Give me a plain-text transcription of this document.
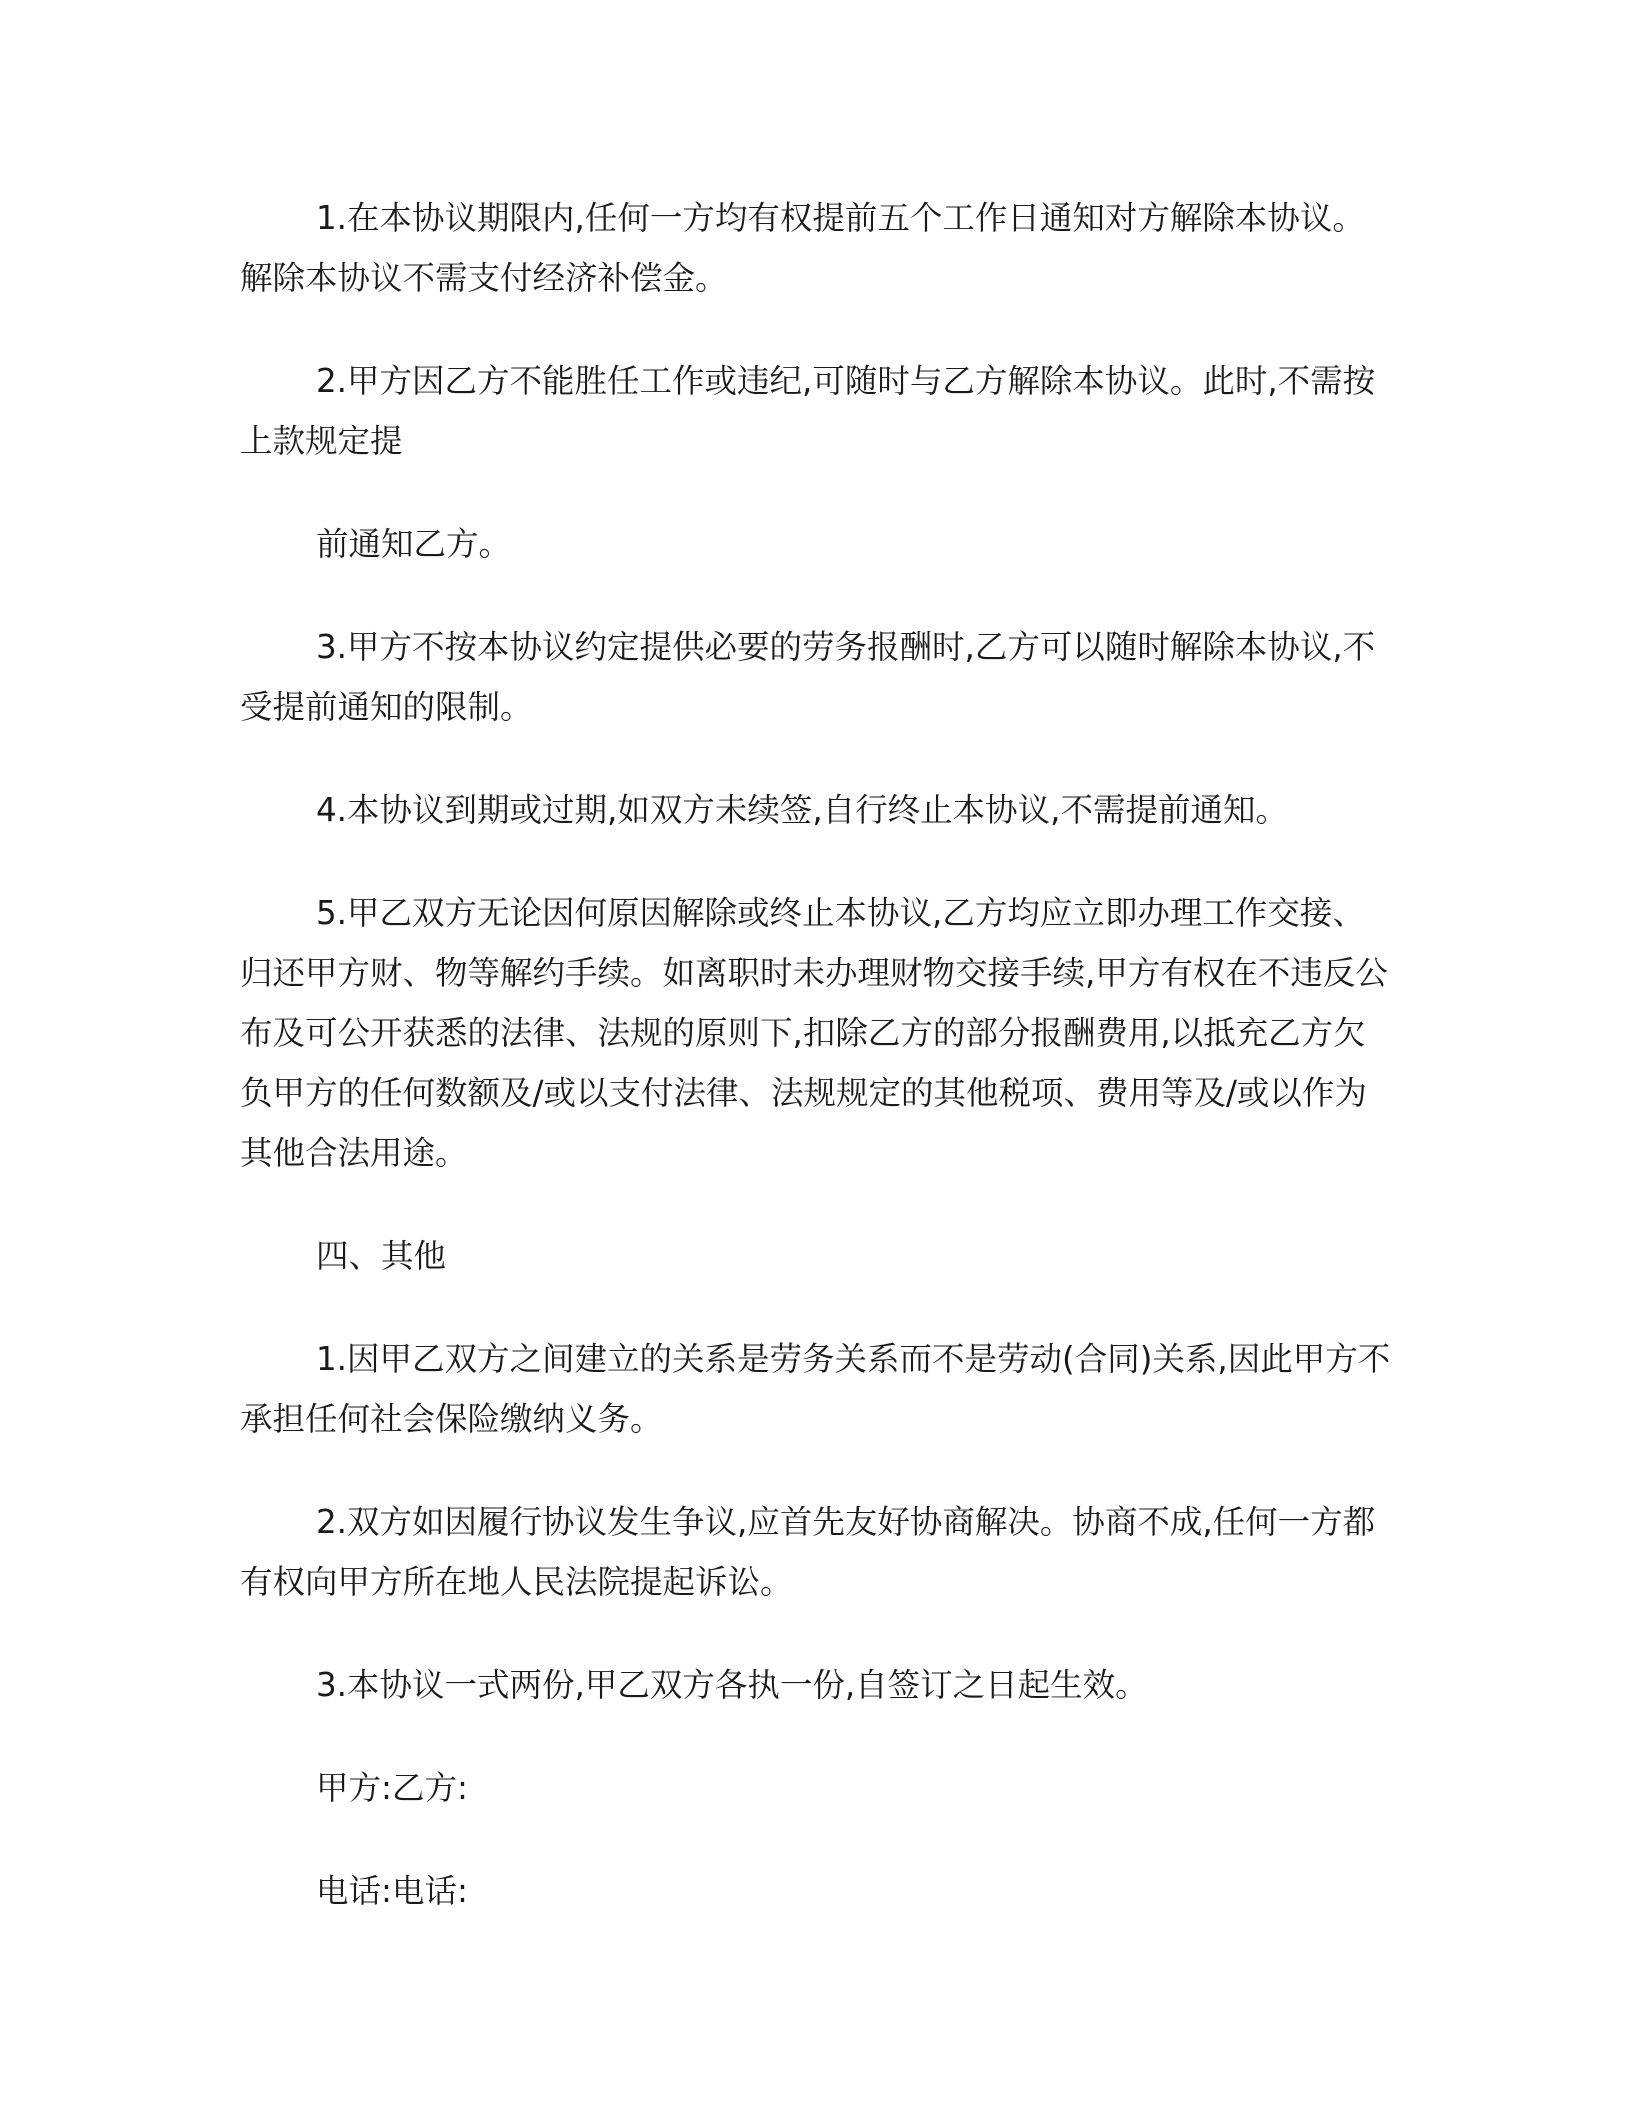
1.在本协议期限内,任何一方均有权提前五个工作日通知对方解除本协议。解除本协议不需支付经济补偿金。

2.甲方因乙方不能胜任工作或违纪,可随时与乙方解除本协议。此时,不需按上款规定提

前通知乙方。

3.甲方不按本协议约定提供必要的劳务报酬时,乙方可以随时解除本协议,不受提前通知的限制。

4.本协议到期或过期,如双方未续签,自行终止本协议,不需提前通知。

5.甲乙双方无论因何原因解除或终止本协议,乙方均应立即办理工作交接、归还甲方财、物等解约手续。如离职时未办理财物交接手续,甲方有权在不违反公布及可公开获悉的法律、法规的原则下,扣除乙方的部分报酬费用,以抵充乙方欠负甲方的任何数额及/或以支付法律、法规规定的其他税项、费用等及/或以作为其他合法用途。

四、其他

1.因甲乙双方之间建立的关系是劳务关系而不是劳动(合同)关系,因此甲方不承担任何社会保险缴纳义务。

2.双方如因履行协议发生争议,应首先友好协商解决。协商不成,任何一方都有权向甲方所在地人民法院提起诉讼。

3.本协议一式两份,甲乙双方各执一份,自签订之日起生效。

甲方:乙方:

电话:电话:
